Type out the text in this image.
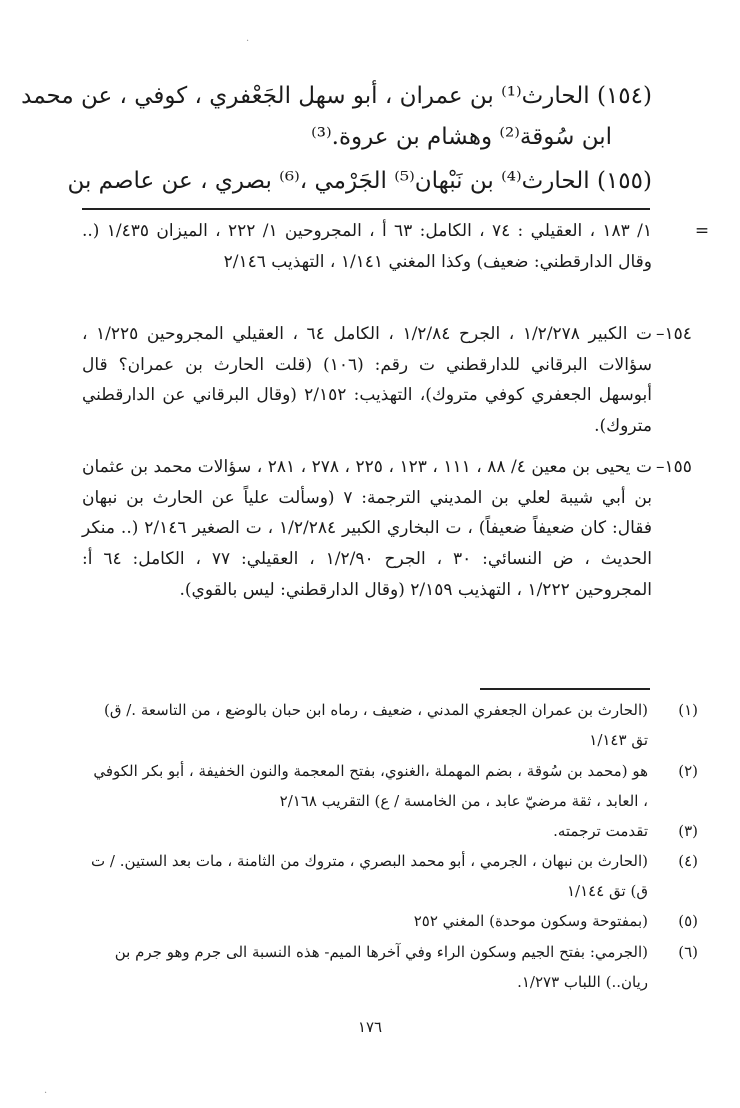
·
(١٥٤) الحارث⁽¹⁾ بن عمران ، أبو سهل الجَعْفري ، كوفي ، عن محمد
ابن سُوقة⁽²⁾ وهشام بن عروة.⁽³⁾
(١٥٥) الحارث⁽⁴⁾ بن نَبْهان⁽⁵⁾ الجَرْمي ،⁽⁶⁾ بصري ، عن عاصم بن
=
١/ ١٨٣ ، العقيلي : ٧٤ ، الكامل: ٦٣ أ ، المجروحين ١/ ٢٢٢ ، الميزان ١/٤٣٥ (.. وقال الدارقطني: ضعيف) وكذا المغني ١/١٤١ ، التهذيب ٢/١٤٦
١٥٤–
ت الكبير ١/٢/٢٧٨ ، الجرح ١/٢/٨٤ ، الكامل ٦٤ ، العقيلي المجروحين ١/٢٢٥ ، سؤالات البرقاني للدارقطني ت رقم: (١٠٦) (قلت الحارث بن عمران؟ قال أبوسهل الجعفري كوفي متروك)، التهذيب: ٢/١٥٢ (وقال البرقاني عن الدارقطني متروك).
١٥٥–
ت يحيى بن معين ٤/ ٨٨ ، ١١١ ، ١٢٣ ، ٢٢٥ ، ٢٧٨ ، ٢٨١ ، سؤالات محمد بن عثمان بن أبي شيبة لعلي بن المديني الترجمة: ٧ (وسألت علياً عن الحارث بن نبهان فقال: كان ضعيفاً ضعيفاً) ، ت البخاري الكبير ١/٢/٢٨٤ ، ت الصغير ٢/١٤٦ (.. منكر الحديث ، ض النسائي: ٣٠ ، الجرح ١/٢/٩٠ ، العقيلي: ٧٧ ، الكامل: ٦٤ أ: المجروحين ١/٢٢٢ ، التهذيب ٢/١٥٩ (وقال الدارقطني: ليس بالقوي).
(١)
(الحارث بن عمران الجعفري المدني ، ضعيف ، رماه ابن حبان بالوضع ، من التاسعة ./ ق) تق ١/١٤٣
(٢)
هو (محمد بن سُوقة ، بضم المهملة ،الغنوي، بفتح المعجمة والنون الخفيفة ، أبو بكر الكوفي ، العابد ، ثقة مرضيّ عابد ، من الخامسة / ع) التقريب ٢/١٦٨
(٣)
تقدمت ترجمته.
(٤)
(الحارث بن نبهان ، الجرمي ، أبو محمد البصري ، متروك من الثامنة ، مات بعد الستين. / ت ق) تق ١/١٤٤
(٥)
(بمفتوحة وسكون موحدة) المغني ٢٥٢
(٦)
(الجرمي: بفتح الجيم وسكون الراء وفي آخرها الميم- هذه النسبة الى جرم وهو جرم بن ريان..) اللباب ١/٢٧٣.
١٧٦
·
